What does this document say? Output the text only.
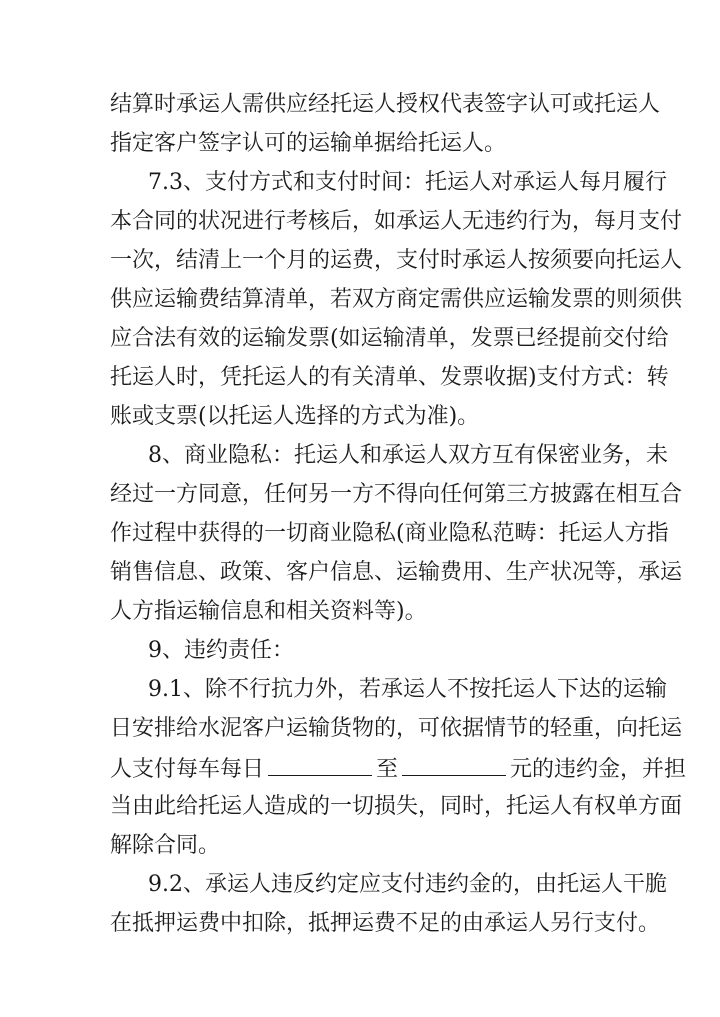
结算时承运人需供应经托运人授权代表签字认可或托运人
指定客户签字认可的运输单据给托运人。
7.3、支付方式和支付时间：托运人对承运人每月履行
本合同的状况进行考核后，如承运人无违约行为，每月支付
一次，结清上一个月的运费，支付时承运人按须要向托运人
供应运输费结算清单，若双方商定需供应运输发票的则须供
应合法有效的运输发票(如运输清单，发票已经提前交付给
托运人时，凭托运人的有关清单、发票收据)支付方式：转
账或支票(以托运人选择的方式为准)。
8、商业隐私：托运人和承运人双方互有保密业务，未
经过一方同意，任何另一方不得向任何第三方披露在相互合
作过程中获得的一切商业隐私(商业隐私范畴：托运人方指
销售信息、政策、客户信息、运输费用、生产状况等，承运
人方指运输信息和相关资料等)。
9、违约责任：
9.1、除不行抗力外，若承运人不按托运人下达的运输
日安排给水泥客户运输货物的，可依据情节的轻重，向托运
人支付每车每日	至	元的违约金，并担
当由此给托运人造成的一切损失，同时，托运人有权单方面
解除合同。
9.2、承运人违反约定应支付违约金的，由托运人干脆
在抵押运费中扣除，抵押运费不足的由承运人另行支付。
